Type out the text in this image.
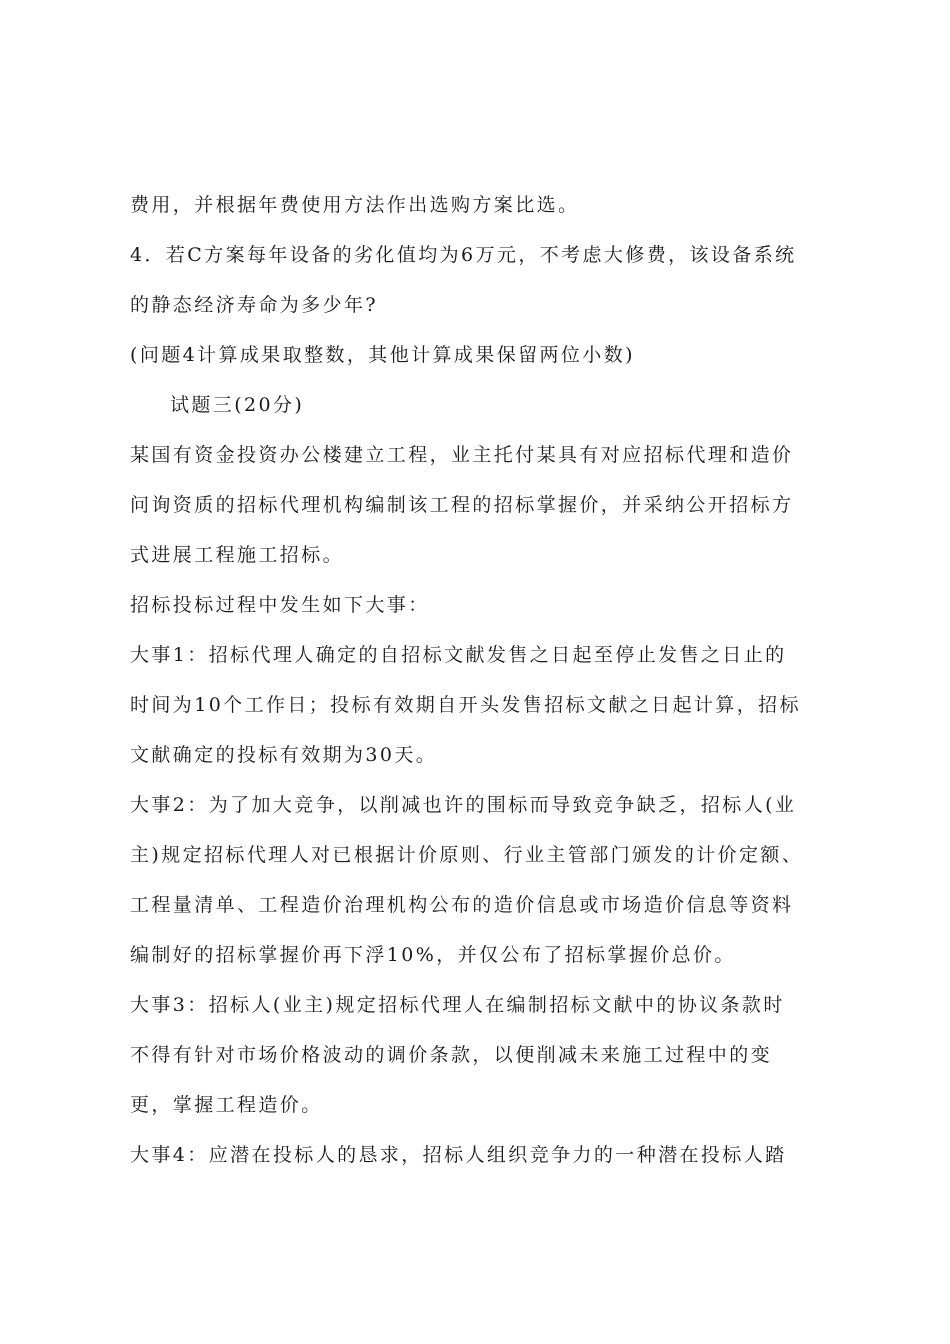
费用，并根据年费使用方法作出选购方案比选。
4．若C方案每年设备的劣化值均为6万元，不考虑大修费，该设备系统
的静态经济寿命为多少年?
(问题4计算成果取整数，其他计算成果保留两位小数)
试题三(20分)
某国有资金投资办公楼建立工程，业主托付某具有对应招标代理和造价
问询资质的招标代理机构编制该工程的招标掌握价，并采纳公开招标方
式进展工程施工招标。
招标投标过程中发生如下大事：
大事1：招标代理人确定的自招标文献发售之日起至停止发售之日止的
时间为10个工作日；投标有效期自开头发售招标文献之日起计算，招标
文献确定的投标有效期为30天。
大事2：为了加大竞争，以削减也许的围标而导致竞争缺乏，招标人(业
主)规定招标代理人对已根据计价原则、行业主管部门颁发的计价定额、
工程量清单、工程造价治理机构公布的造价信息或市场造价信息等资料
编制好的招标掌握价再下浮10%，并仅公布了招标掌握价总价。
大事3：招标人(业主)规定招标代理人在编制招标文献中的协议条款时
不得有针对市场价格波动的调价条款，以便削减未来施工过程中的变
更，掌握工程造价。
大事4：应潜在投标人的恳求，招标人组织竞争力的一种潜在投标人踏
